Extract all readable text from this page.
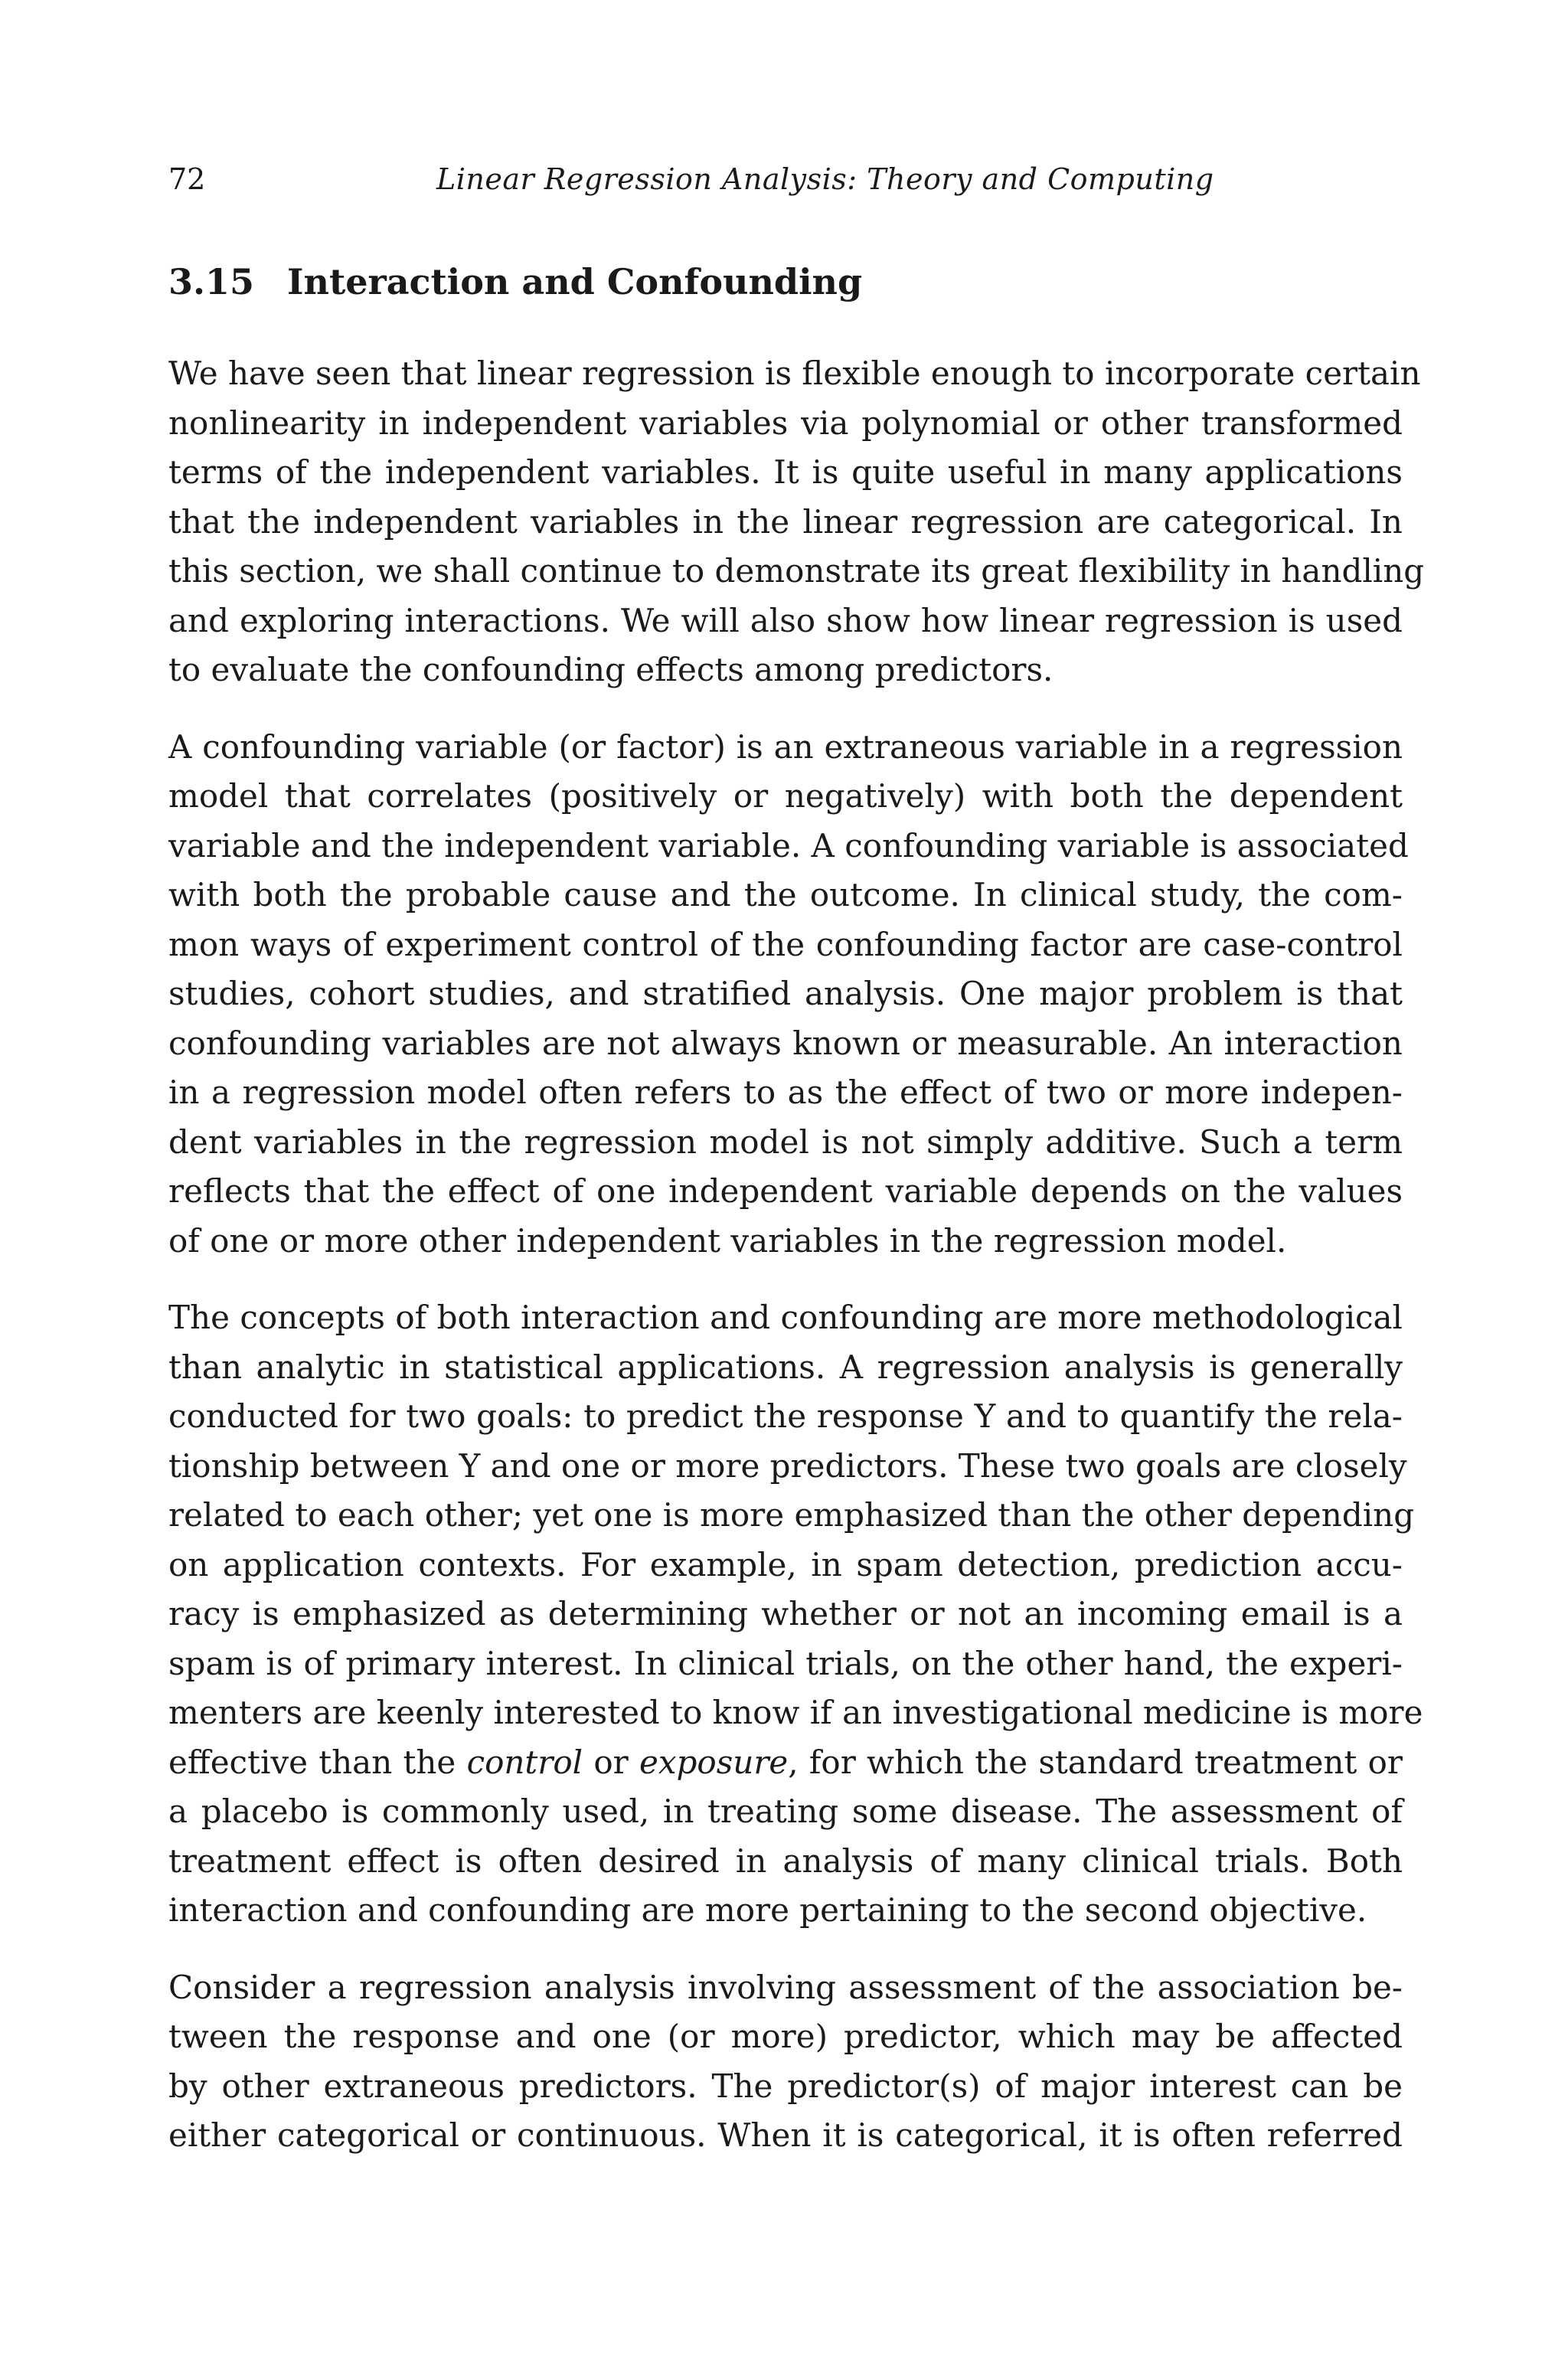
72	Linear Regression Analysis: Theory and Computing
3.15 Interaction and Confounding

We have seen that linear regression is flexible enough to incorporate certain
nonlinearity in independent variables via polynomial or other transformed
terms of the independent variables. It is quite useful in many applications
that the independent variables in the linear regression are categorical. In
this section, we shall continue to demonstrate its great flexibility in handling
and exploring interactions. We will also show how linear regression is used
to evaluate the confounding effects among predictors.

A confounding variable (or factor) is an extraneous variable in a regression
model that correlates (positively or negatively) with both the dependent
variable and the independent variable. A confounding variable is associated
with both the probable cause and the outcome. In clinical study, the com-
mon ways of experiment control of the confounding factor are case-control
studies, cohort studies, and stratified analysis. One major problem is that
confounding variables are not always known or measurable. An interaction
in a regression model often refers to as the effect of two or more indepen-
dent variables in the regression model is not simply additive. Such a term
reflects that the effect of one independent variable depends on the values
of one or more other independent variables in the regression model.

The concepts of both interaction and confounding are more methodological
than analytic in statistical applications. A regression analysis is generally
conducted for two goals: to predict the response Y and to quantify the rela-
tionship between Y and one or more predictors. These two goals are closely
related to each other; yet one is more emphasized than the other depending
on application contexts. For example, in spam detection, prediction accu-
racy is emphasized as determining whether or not an incoming email is a
spam is of primary interest. In clinical trials, on the other hand, the experi-
menters are keenly interested to know if an investigational medicine is more
effective than the control or exposure, for which the standard treatment or
a placebo is commonly used, in treating some disease. The assessment of
treatment effect is often desired in analysis of many clinical trials. Both
interaction and confounding are more pertaining to the second objective.

Consider a regression analysis involving assessment of the association be-
tween the response and one (or more) predictor, which may be affected
by other extraneous predictors. The predictor(s) of major interest can be
either categorical or continuous. When it is categorical, it is often referred
